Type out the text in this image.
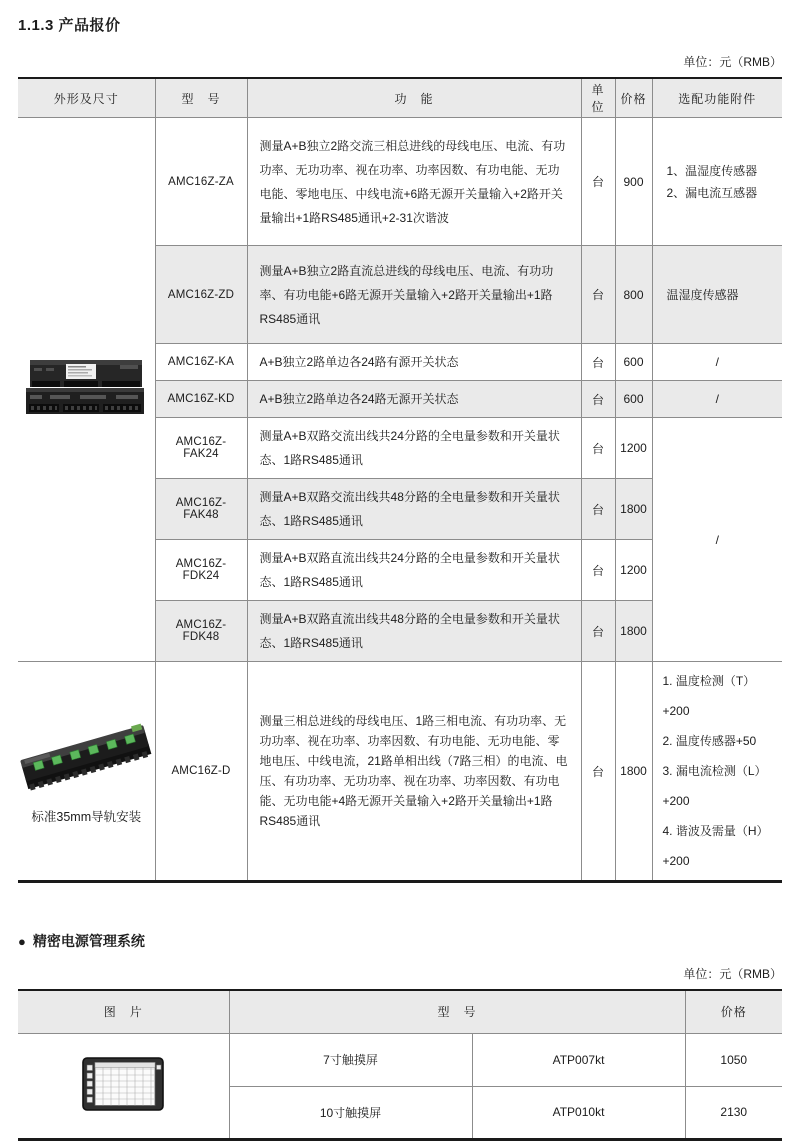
1.1.3 产品报价
单位：元（RMB）
外形及尺寸	型　号	功　能	单位	价格	选配功能附件
	AMC16Z-ZA	测量A+B独立2路交流三相总进线的母线电压、电流、有功功率、无功功率、视在功率、功率因数、有功电能、无功电能、零地电压、中线电流+6路无源开关量输入+2路开关量输出+1路RS485通讯+2-31次谐波	台	900	1、温湿度传感器
2、漏电流互感器

	AMC16Z-ZD	测量A+B独立2路直流总进线的母线电压、电流、有功功率、有功电能+6路无源开关量输入+2路开关量输出+1路RS485通讯	台	800	温湿度传感器
	AMC16Z-KA	A+B独立2路单边各24路有源开关状态	台	600	/
	AMC16Z-KD	A+B独立2路单边各24路无源开关状态	台	600	/
	AMC16Z-FAK24	测量A+B双路交流出线共24分路的全电量参数和开关量状态、1路RS485通讯	台	1200	/
	AMC16Z-FAK48	测量A+B双路交流出线共48分路的全电量参数和开关量状态、1路RS485通讯	台	1800	
	AMC16Z-FDK24	测量A+B双路直流出线共24分路的全电量参数和开关量状态、1路RS485通讯	台	1200	
	AMC16Z-FDK48	测量A+B双路直流出线共48分路的全电量参数和开关量状态、1路RS485通讯	台	1800	

标准35mm导轨安装	AMC16Z-D	测量三相总进线的母线电压、1路三相电流、有功功率、无功功率、视在功率、功率因数、有功电能、无功电能、零地电压、中线电流，21路单相出线（7路三相）的电流、电压、有功功率、无功功率、视在功率、功率因数、有功电能、无功电能+4路无源开关量输入+2路开关量输出+1路RS485通讯	台	1800	1. 温度检测（T）+200
2. 温度传感器+50
3. 漏电流检测（L）+200
4. 谐波及需量（H）+200
● 精密电源管理系统
单位：元（RMB）
图　片	型　号		价格
	7寸触摸屏	ATP007kt	1050
	10寸触摸屏	ATP010kt	2130
